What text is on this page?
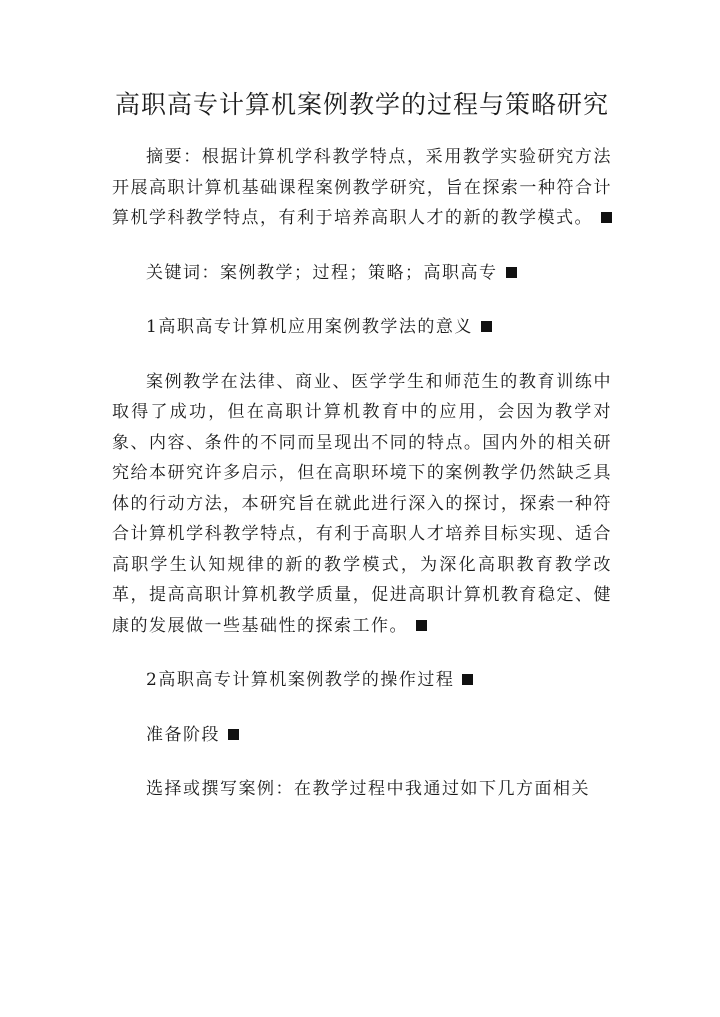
高职高专计算机案例教学的过程与策略研究

摘要：根据计算机学科教学特点，采用教学实验研究方法开展高职计算机基础课程案例教学研究，旨在探索一种符合计算机学科教学特点，有利于培养高职人才的新的教学模式。

关键词：案例教学；过程；策略；高职高专

1高职高专计算机应用案例教学法的意义

案例教学在法律、商业、医学学生和师范生的教育训练中取得了成功，但在高职计算机教育中的应用，会因为教学对象、内容、条件的不同而呈现出不同的特点。国内外的相关研究给本研究许多启示，但在高职环境下的案例教学仍然缺乏具体的行动方法，本研究旨在就此进行深入的探讨，探索一种符合计算机学科教学特点，有利于高职人才培养目标实现、适合高职学生认知规律的新的教学模式，为深化高职教育教学改革，提高高职计算机教学质量，促进高职计算机教育稳定、健康的发展做一些基础性的探索工作。

2高职高专计算机案例教学的操作过程

准备阶段

选择或撰写案例：在教学过程中我通过如下几方面相关
